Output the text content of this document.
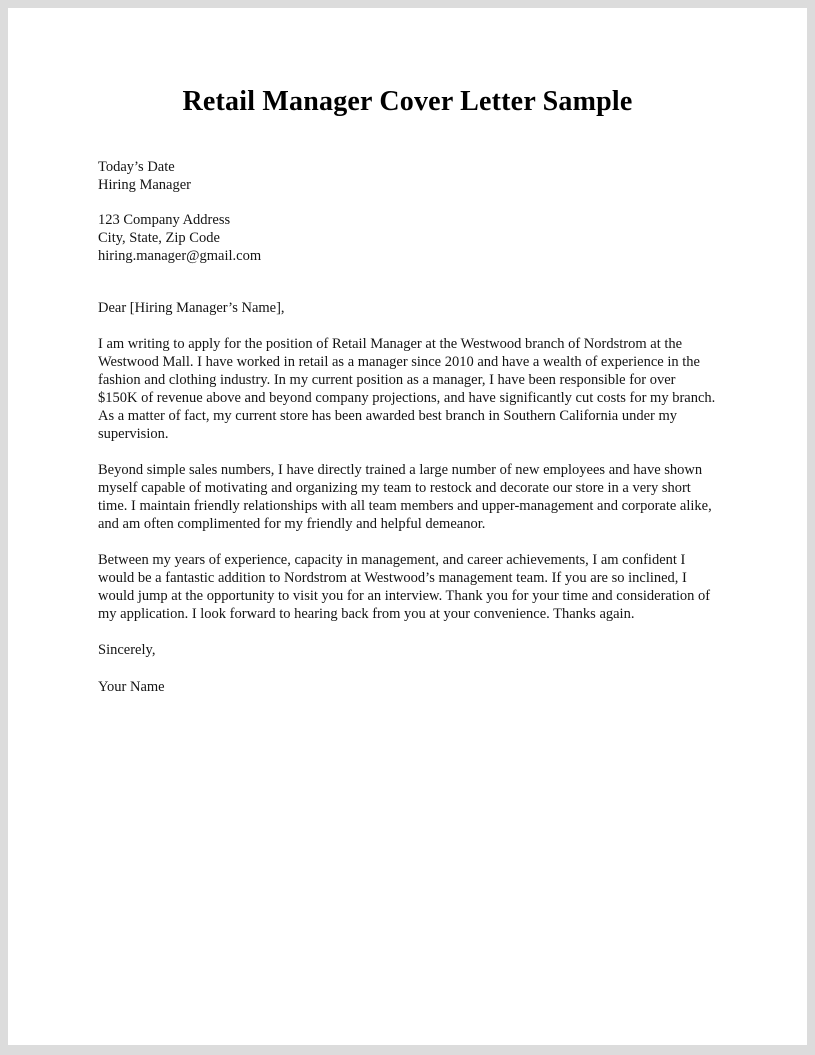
Retail Manager Cover Letter Sample
Today’s Date
Hiring Manager
123 Company Address
City, State, Zip Code
hiring.manager@gmail.com
Dear [Hiring Manager’s Name],

I am writing to apply for the position of Retail Manager at the Westwood branch of Nordstrom at the Westwood Mall. I have worked in retail as a manager since 2010 and have a wealth of experience in the fashion and clothing industry. In my current position as a manager, I have been responsible for over $150K of revenue above and beyond company projections, and have significantly cut costs for my branch. As a matter of fact, my current store has been awarded best branch in Southern California under my supervision.

Beyond simple sales numbers, I have directly trained a large number of new employees and have shown myself capable of motivating and organizing my team to restock and decorate our store in a very short time. I maintain friendly relationships with all team members and upper-management and corporate alike, and am often complimented for my friendly and helpful demeanor.

Between my years of experience, capacity in management, and career achievements, I am confident I would be a fantastic addition to Nordstrom at Westwood’s management team. If you are so inclined, I would jump at the opportunity to visit you for an interview. Thank you for your time and consideration of my application. I look forward to hearing back from you at your convenience. Thanks again.

Sincerely,
Your Name
